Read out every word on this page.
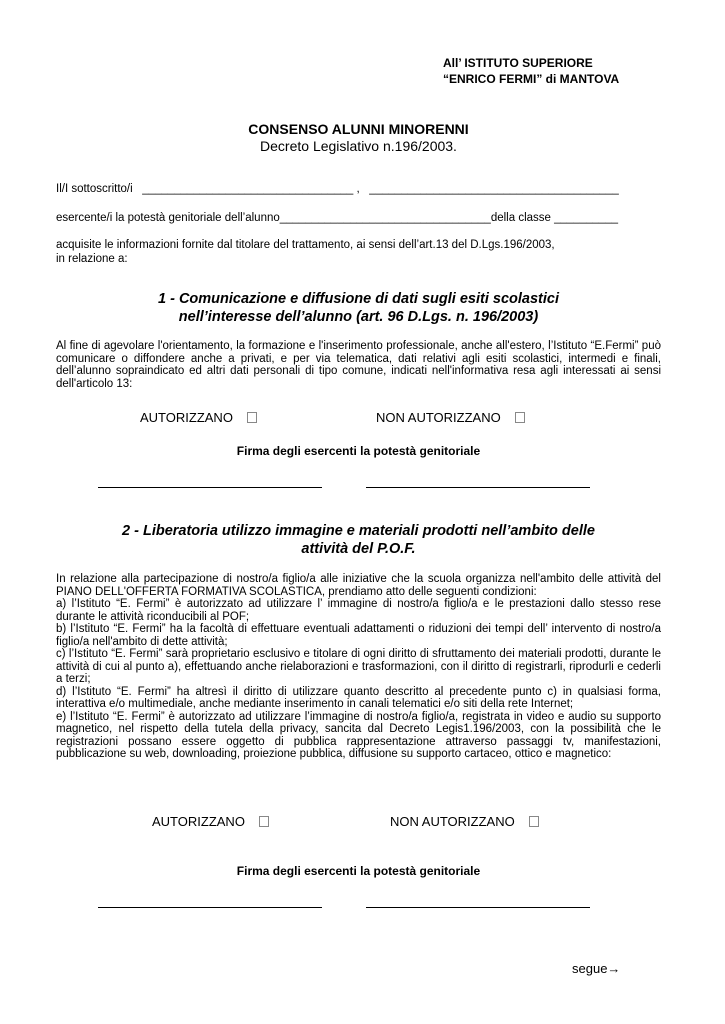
All’ ISTITUTO SUPERIORE
“ENRICO FERMI” di MANTOVA
CONSENSO ALUNNI MINORENNI
Decreto Legislativo n.196/2003.
Il/I sottoscritto/i   _________________________________ ,   _______________________________________
esercente/i la potestà genitoriale dell’alunno_________________________________della classe __________
acquisite le informazioni fornite dal titolare del trattamento, ai sensi dell’art.13 del D.Lgs.196/2003,
in relazione a:
1 - Comunicazione e diffusione di dati sugli esiti scolastici
nell’interesse dell’alunno (art. 96 D.Lgs. n. 196/2003)

Al fine di agevolare l'orientamento, la formazione e l'inserimento professionale, anche all'estero, l’Istituto “E.Fermi” può comunicare o diffondere anche a privati, e per via telematica, dati relativi agli esiti scolastici, intermedi e finali, dell’alunno sopraindicato ed altri dati personali di tipo comune, indicati nell'informativa resa agli interessati ai sensi dell'articolo 13:

AUTORIZZANO	NON AUTORIZZANO
Firma degli esercenti la potestà genitoriale
2 - Liberatoria utilizzo immagine e materiali prodotti nell’ambito delle
attività del P.O.F.

In relazione alla partecipazione di nostro/a figlio/a alle iniziative che la scuola organizza nell'ambito delle attività del PIANO DELL'OFFERTA FORMATIVA SCOLASTICA, prendiamo atto delle seguenti condizioni:

a) l’Istituto “E. Fermi” è autorizzato ad utilizzare l’ immagine di nostro/a figlio/a e le prestazioni dallo stesso rese durante le attività riconducibili al POF;

b) l’Istituto “E. Fermi” ha la facoltà di effettuare eventuali adattamenti o riduzioni dei tempi dell’ intervento di nostro/a figlio/a nell'ambito di dette attività;

c) l’Istituto “E. Fermi” sarà proprietario esclusivo e titolare di ogni diritto di sfruttamento dei materiali prodotti, durante le attività di cui al punto a), effettuando anche rielaborazioni e trasformazioni, con il diritto di registrarli, riprodurli e cederli a terzi;

d) l’Istituto “E. Fermi” ha altresì il diritto di utilizzare quanto descritto al precedente punto c) in qualsiasi forma, interattiva e/o multimediale, anche mediante inserimento in canali telematici e/o siti della rete Internet;

e) l’Istituto “E. Fermi” è autorizzato ad utilizzare l’immagine di nostro/a figlio/a, registrata in video e audio su supporto magnetico, nel rispetto della tutela della privacy, sancita dal Decreto Legis1.196/2003, con la possibilità che le registrazioni possano essere oggetto di pubblica rappresentazione attraverso passaggi tv, manifestazioni, pubblicazione su web, downloading, proiezione pubblica, diffusione su supporto cartaceo, ottico e magnetico:

AUTORIZZANO	NON AUTORIZZANO
Firma degli esercenti la potestà genitoriale
segue→
